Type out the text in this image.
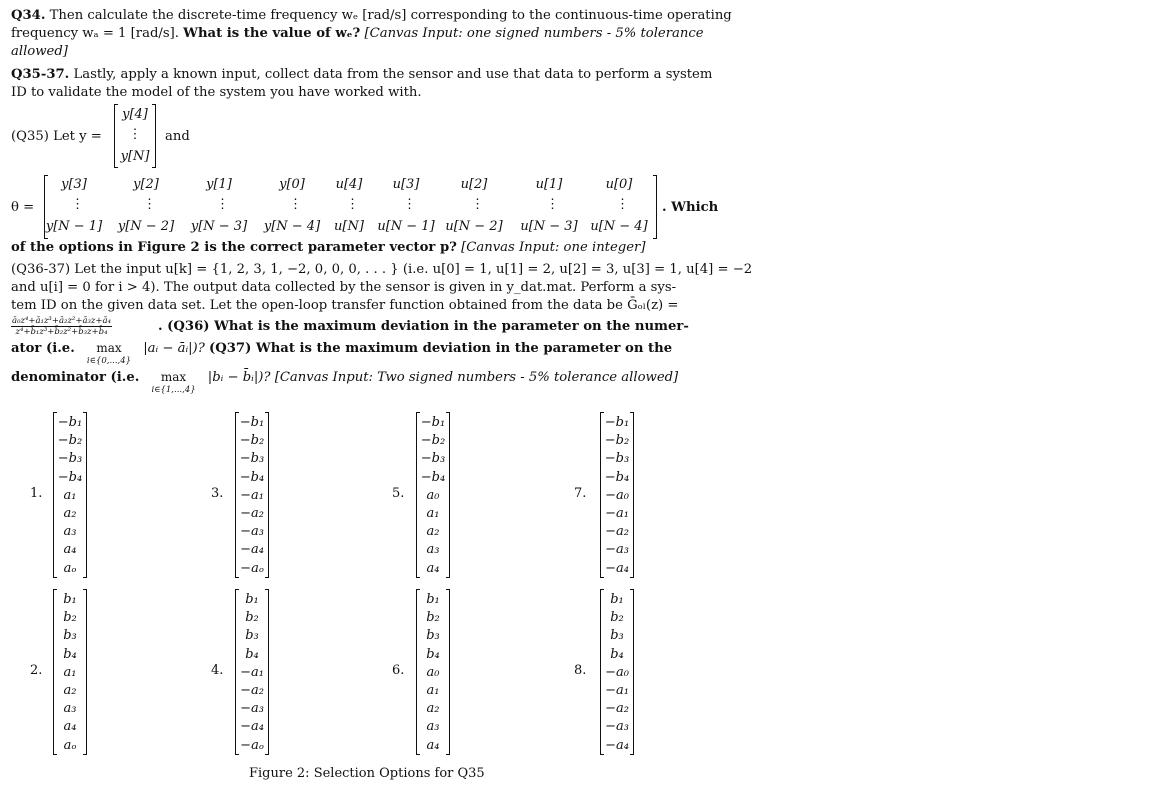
Q34. Then calculate the discrete-time frequency wₑ [rad/s] corresponding to the continuous-time operating
frequency wₐ = 1 [rad/s]. What is the value of wₑ? [Canvas Input: one signed numbers - 5% tolerance
allowed]
Q35-37. Lastly, apply a known input, collect data from the sensor and use that data to perform a system
ID to validate the model of the system you have worked with.
(Q35) Let y =
y[4]
⋮
y[N]
and
θ =
y[3]
⋮
y[N − 1]
y[2]
⋮
y[N − 2]
y[1]
⋮
y[N − 3]
y[0]
⋮
y[N − 4]
u[4]
⋮
u[N]
u[3]
⋮
u[N − 1]
u[2]
⋮
u[N − 2]
u[1]
⋮
u[N − 3]
u[0]
⋮
u[N − 4]
. Which
of the options in Figure 2 is the correct parameter vector p? [Canvas Input: one integer]
(Q36-37) Let the input u[k] = {1, 2, 3, 1, −2, 0, 0, 0, . . . } (i.e. u[0] = 1, u[1] = 2, u[2] = 3, u[3] = 1, u[4] = −2
and u[i] = 0 for i > 4). The output data collected by the sensor is given in y_dat.mat. Perform a sys-
tem ID on the given data set. Let the open-loop transfer function obtained from the data be Ḡₒₗ(z) =
$\frac{\text{ā₀z⁴+ā₁z³+ā₂z²+ā₃z+ā₄}}{\text{z⁴+b̄₁z³+b̄₂z²+b̄₃z+b̄₄}}$	. (Q36) What is the maximum deviation in the parameter on the numer-
ator (i.e. max
i∈{0,...,4}
|aᵢ − āᵢ|)? (Q37) What is the maximum deviation in the parameter on the
denominator (i.e. max
i∈{1,...,4}
|bᵢ − b̄ᵢ|)? [Canvas Input: Two signed numbers - 5% tolerance allowed]
−b₁
−b₂
−b₃
−b₄
a₁
a₂
a₃
a₄
aₒ
1.
−b₁
−b₂
−b₃
−b₄
−a₁
−a₂
−a₃
−a₄
−aₒ
3.
−b₁
−b₂
−b₃
−b₄
a₀
a₁
a₂
a₃
a₄
5.
−b₁
−b₂
−b₃
−b₄
−a₀
−a₁
−a₂
−a₃
−a₄
7.
b₁
b₂
b₃
b₄
a₁
a₂
a₃
a₄
aₒ
2.
b₁
b₂
b₃
b₄
−a₁
−a₂
−a₃
−a₄
−aₒ
4.
b₁
b₂
b₃
b₄
a₀
a₁
a₂
a₃
a₄
6.
b₁
b₂
b₃
b₄
−a₀
−a₁
−a₂
−a₃
−a₄
8.
Figure 2: Selection Options for Q35
